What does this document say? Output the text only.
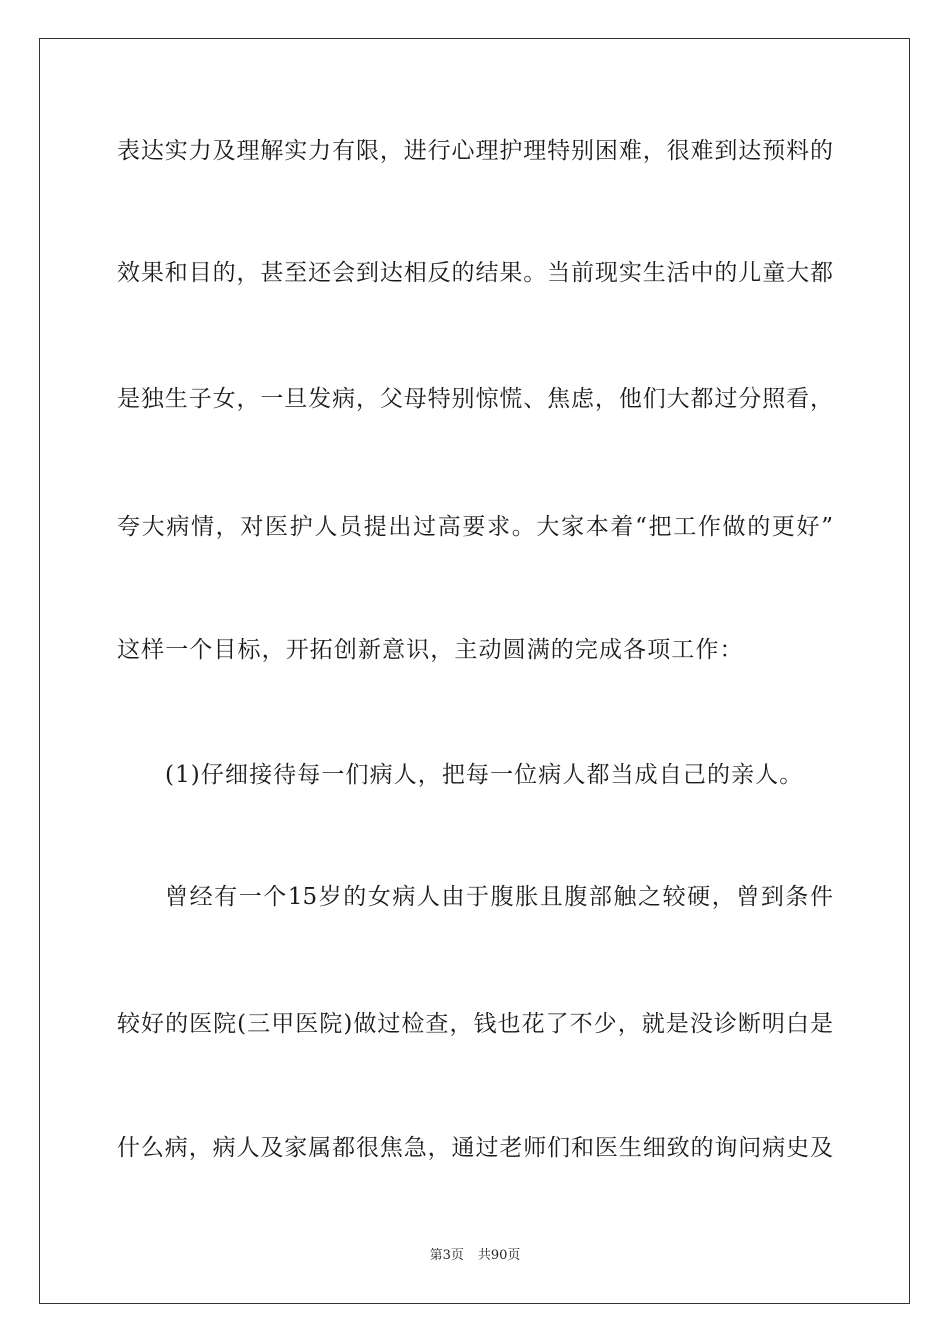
表达实力及理解实力有限，进行心理护理特别困难，很难到达预料的
效果和目的，甚至还会到达相反的结果。当前现实生活中的儿童大都
是独生子女，一旦发病，父母特别惊慌、焦虑，他们大都过分照看，
夸大病情，对医护人员提出过高要求。大家本着“把工作做的更好”
这样一个目标，开拓创新意识，主动圆满的完成各项工作：
(1)仔细接待每一们病人，把每一位病人都当成自己的亲人。
曾经有一个15岁的女病人由于腹胀且腹部触之较硬，曾到条件
较好的医院(三甲医院)做过检查，钱也花了不少，就是没诊断明白是
什么病，病人及家属都很焦急，通过老师们和医生细致的询问病史及
第3页 共90页
